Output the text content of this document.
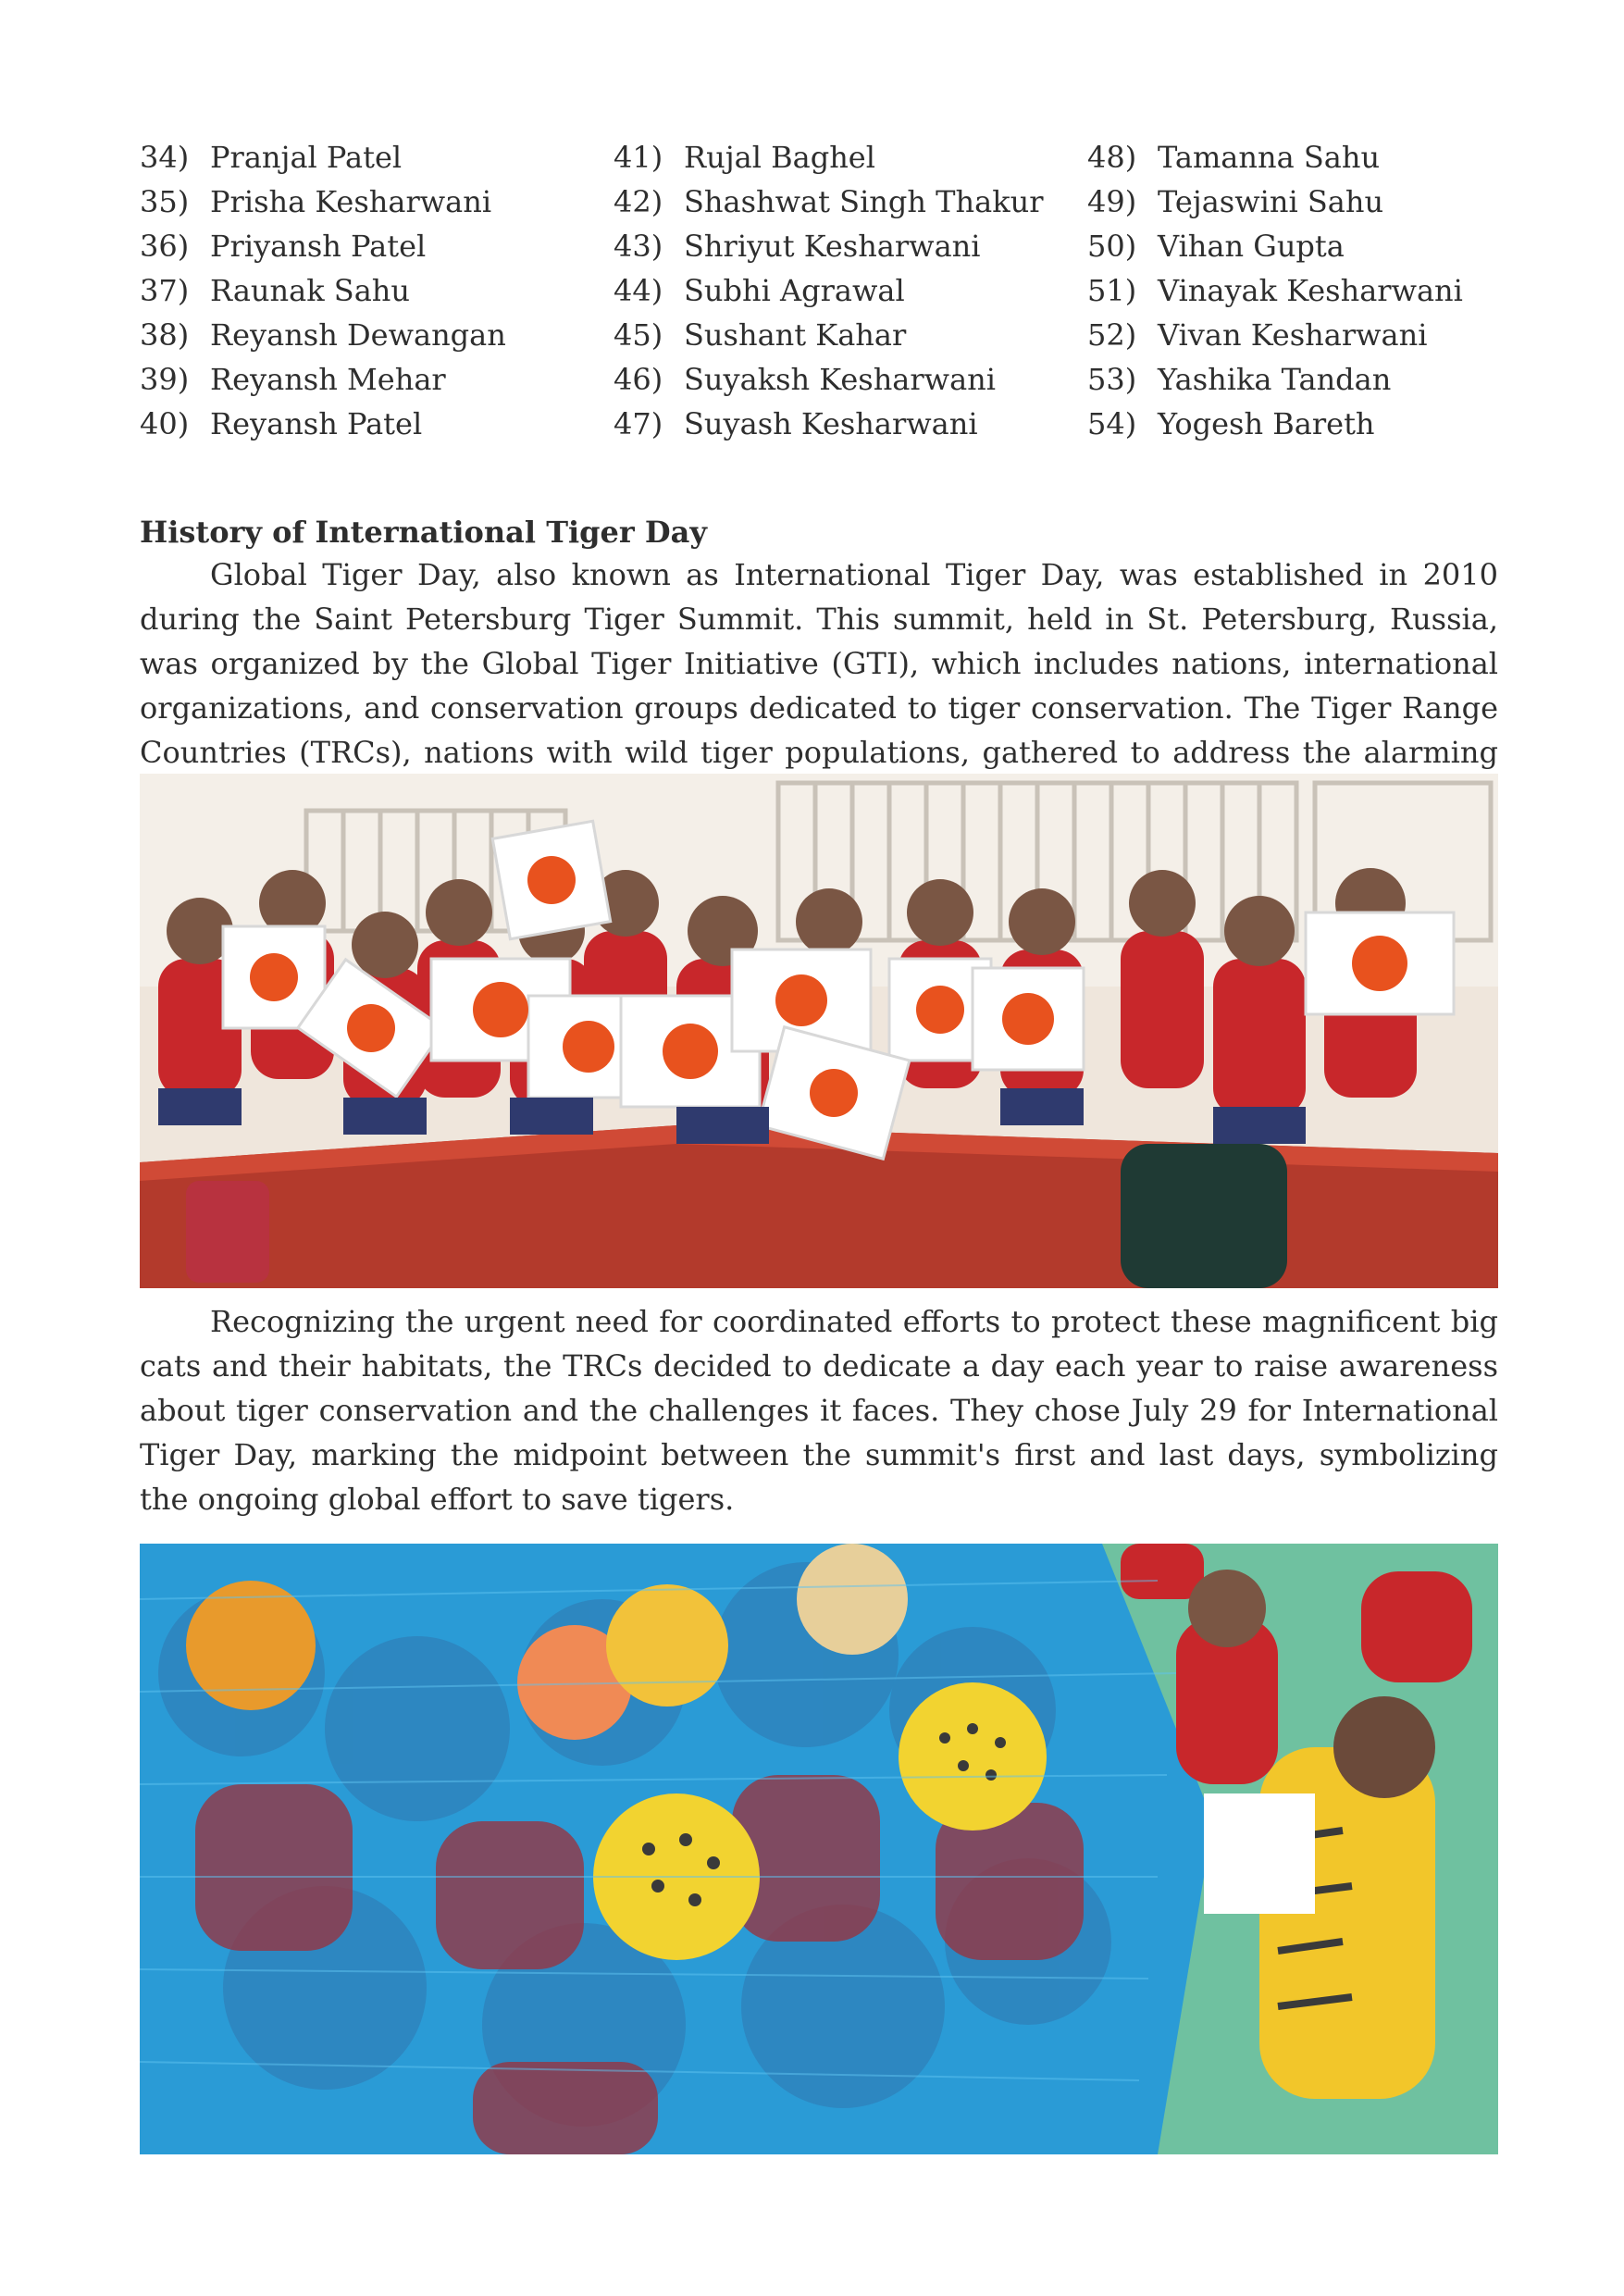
34) Pranjal Patel
35) Prisha Kesharwani
36) Priyansh Patel
37) Raunak Sahu
38) Reyansh Dewangan
39) Reyansh Mehar
40) Reyansh Patel
41) Rujal Baghel
42) Shashwat Singh Thakur
43) Shriyut Kesharwani
44) Subhi Agrawal
45) Sushant Kahar
46) Suyaksh Kesharwani
47) Suyash Kesharwani
48) Tamanna Sahu
49) Tejaswini Sahu
50) Vihan Gupta
51) Vinayak Kesharwani
52) Vivan Kesharwani
53) Yashika Tandan
54) Yogesh Bareth
History of International Tiger Day

Global Tiger Day, also known as International Tiger Day, was established in 2010 during the Saint Petersburg Tiger Summit. This summit, held in St. Petersburg, Russia, was organized by the Global Tiger Initiative (GTI), which includes nations, international organizations, and conservation groups dedicated to tiger conservation. The Tiger Range Countries (TRCs), nations with wild tiger populations, gathered to address the alarming

Recognizing the urgent need for coordinated efforts to protect these magnificent big cats and their habitats, the TRCs decided to dedicate a day each year to raise awareness about tiger conservation and the challenges it faces. They chose July 29 for International Tiger Day, marking the midpoint between the summit's first and last days, symbolizing the ongoing global effort to save tigers.
